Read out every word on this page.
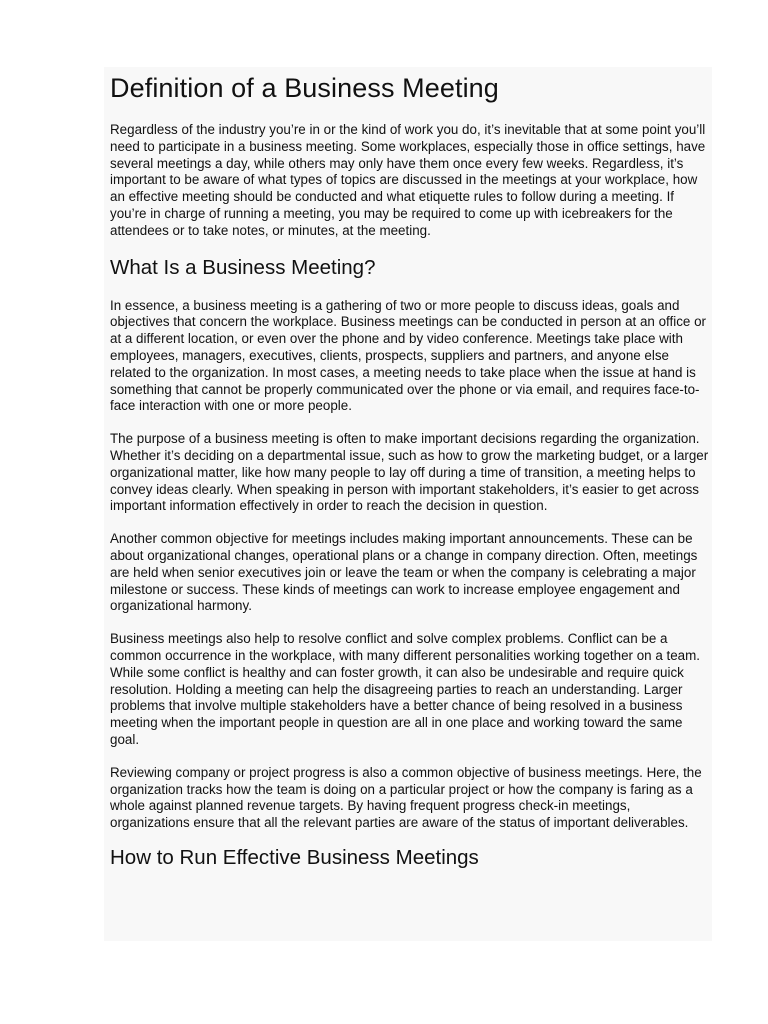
Definition of a Business Meeting

Regardless of the industry you’re in or the kind of work you do, it’s inevitable that at some point you’ll need to participate in a business meeting. Some workplaces, especially those in office settings, have several meetings a day, while others may only have them once every few weeks. Regardless, it’s important to be aware of what types of topics are discussed in the meetings at your workplace, how an effective meeting should be conducted and what etiquette rules to follow during a meeting. If you’re in charge of running a meeting, you may be required to come up with icebreakers for the attendees or to take notes, or minutes, at the meeting.

What Is a Business Meeting?

In essence, a business meeting is a gathering of two or more people to discuss ideas, goals and objectives that concern the workplace. Business meetings can be conducted in person at an office or at a different location, or even over the phone and by video conference. Meetings take place with employees, managers, executives, clients, prospects, suppliers and partners, and anyone else related to the organization. In most cases, a meeting needs to take place when the issue at hand is something that cannot be properly communicated over the phone or via email, and requires face-to-face interaction with one or more people.

The purpose of a business meeting is often to make important decisions regarding the organization. Whether it’s deciding on a departmental issue, such as how to grow the marketing budget, or a larger organizational matter, like how many people to lay off during a time of transition, a meeting helps to convey ideas clearly. When speaking in person with important stakeholders, it’s easier to get across important information effectively in order to reach the decision in question.

Another common objective for meetings includes making important announcements. These can be about organizational changes, operational plans or a change in company direction. Often, meetings are held when senior executives join or leave the team or when the company is celebrating a major milestone or success. These kinds of meetings can work to increase employee engagement and organizational harmony.

Business meetings also help to resolve conflict and solve complex problems. Conflict can be a common occurrence in the workplace, with many different personalities working together on a team. While some conflict is healthy and can foster growth, it can also be undesirable and require quick resolution. Holding a meeting can help the disagreeing parties to reach an understanding. Larger problems that involve multiple stakeholders have a better chance of being resolved in a business meeting when the important people in question are all in one place and working toward the same goal.

Reviewing company or project progress is also a common objective of business meetings. Here, the organization tracks how the team is doing on a particular project or how the company is faring as a whole against planned revenue targets. By having frequent progress check-in meetings, organizations ensure that all the relevant parties are aware of the status of important deliverables.

How to Run Effective Business Meetings
